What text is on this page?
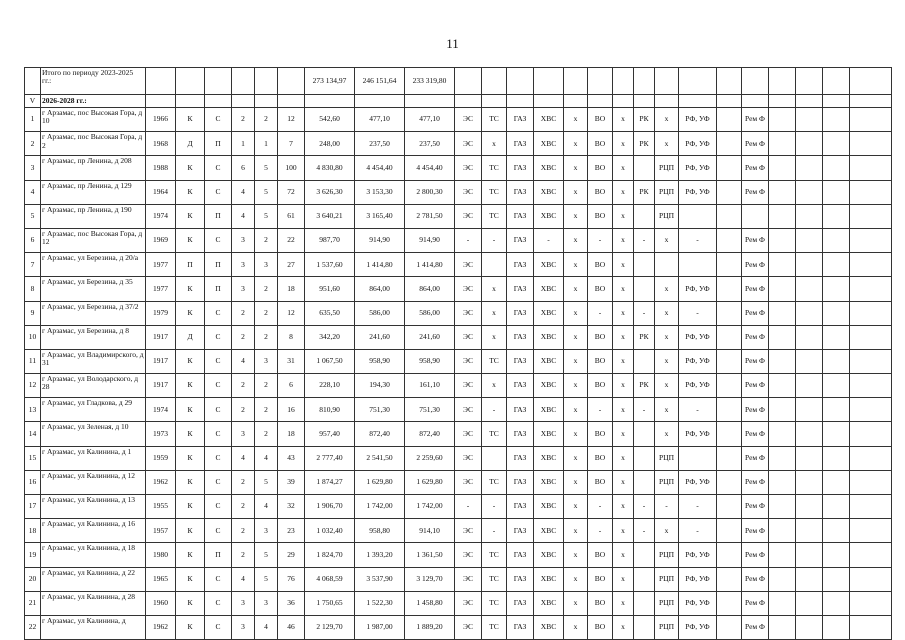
11
	Итого по периоду 2023-2025 гг.:							273 134,97	246 151,64	233 319,80																
V	2026-2028 гг.:																									
1	г Арзамас, пос Высокая Гора, д 10	1966	К	С	2	2	12	542,60	477,10	477,10	ЭС	ТС	ГАЗ	ХВС	х	ВО	х	РК	х	РФ, УФ		Рем Ф				
2	г Арзамас, пос Высокая Гора, д 2	1968	Д	П	1	1	7	248,00	237,50	237,50	ЭС	х	ГАЗ	ХВС	х	ВО	х	РК	х	РФ, УФ		Рем Ф				
3	г Арзамас, пр Ленина, д 208	1988	К	С	6	5	100	4 830,80	4 454,40	4 454,40	ЭС	ТС	ГАЗ	ХВС	х	ВО	х		РЦП	РФ, УФ		Рем Ф				
4	г Арзамас, пр Ленина, д 129	1964	К	С	4	5	72	3 626,30	3 153,30	2 800,30	ЭС	ТС	ГАЗ	ХВС	х	ВО	х	РК	РЦП	РФ, УФ		Рем Ф				
5	г Арзамас, пр Ленина, д 190	1974	К	П	4	5	61	3 640,21	3 165,40	2 781,50	ЭС	ТС	ГАЗ	ХВС	х	ВО	х		РЦП							
6	г Арзамас, пос Высокая Гора, д 12	1969	К	С	3	2	22	987,70	914,90	914,90	-	-	ГАЗ	-	х	-	х	-	х	-		Рем Ф				
7	г Арзамас, ул Березина, д 20/а	1977	П	П	3	3	27	1 537,60	1 414,80	1 414,80	ЭС		ГАЗ	ХВС	х	ВО	х					Рем Ф				
8	г Арзамас, ул Березина, д 35	1977	К	П	3	2	18	951,60	864,00	864,00	ЭС	х	ГАЗ	ХВС	х	ВО	х		х	РФ, УФ		Рем Ф				
9	г Арзамас, ул Березина, д 37/2	1979	К	С	2	2	12	635,50	586,00	586,00	ЭС	х	ГАЗ	ХВС	х	-	х	-	х	-		Рем Ф				
10	г Арзамас, ул Березина, д 8	1917	Д	С	2	2	8	342,20	241,60	241,60	ЭС	х	ГАЗ	ХВС	х	ВО	х	РК	х	РФ, УФ		Рем Ф				
11	г Арзамас, ул Владимирского, д 31	1917	К	С	4	3	31	1 067,50	958,90	958,90	ЭС	ТС	ГАЗ	ХВС	х	ВО	х		х	РФ, УФ		Рем Ф				
12	г Арзамас, ул Володарского, д 28	1917	К	С	2	2	6	228,10	194,30	161,10	ЭС	х	ГАЗ	ХВС	х	ВО	х	РК	х	РФ, УФ		Рем Ф				
13	г Арзамас, ул Гладкова, д 29	1974	К	С	2	2	16	810,90	751,30	751,30	ЭС	-	ГАЗ	ХВС	х	-	х	-	х	-		Рем Ф				
14	г Арзамас, ул Зеленая, д 10	1973	К	С	3	2	18	957,40	872,40	872,40	ЭС	ТС	ГАЗ	ХВС	х	ВО	х		х	РФ, УФ		Рем Ф				
15	г Арзамас, ул Калинина, д 1	1959	К	С	4	4	43	2 777,40	2 541,50	2 259,60	ЭС		ГАЗ	ХВС	х	ВО	х		РЦП			Рем Ф				
16	г Арзамас, ул Калинина, д 12	1962	К	С	2	5	39	1 874,27	1 629,80	1 629,80	ЭС	ТС	ГАЗ	ХВС	х	ВО	х		РЦП	РФ, УФ		Рем Ф				
17	г Арзамас, ул Калинина, д 13	1955	К	С	2	4	32	1 906,70	1 742,00	1 742,00	-	-	ГАЗ	ХВС	х	-	х	-	-	-		Рем Ф				
18	г Арзамас, ул Калинина, д 16	1957	К	С	2	3	23	1 032,40	958,80	914,10	ЭС	-	ГАЗ	ХВС	х	-	х	-	х	-		Рем Ф				
19	г Арзамас, ул Калинина, д 18	1980	К	П	2	5	29	1 824,70	1 393,20	1 361,50	ЭС	ТС	ГАЗ	ХВС	х	ВО	х		РЦП	РФ, УФ		Рем Ф				
20	г Арзамас, ул Калинина, д 22	1965	К	С	4	5	76	4 068,59	3 537,90	3 129,70	ЭС	ТС	ГАЗ	ХВС	х	ВО	х		РЦП	РФ, УФ		Рем Ф				
21	г Арзамас, ул Калинина, д 28	1960	К	С	3	3	36	1 750,65	1 522,30	1 458,80	ЭС	ТС	ГАЗ	ХВС	х	ВО	х		РЦП	РФ, УФ		Рем Ф				
22	г Арзамас, ул Калинина, д	1962	К	С	3	4	46	2 129,70	1 987,00	1 889,20	ЭС	ТС	ГАЗ	ХВС	х	ВО	х		РЦП	РФ, УФ		Рем Ф				
